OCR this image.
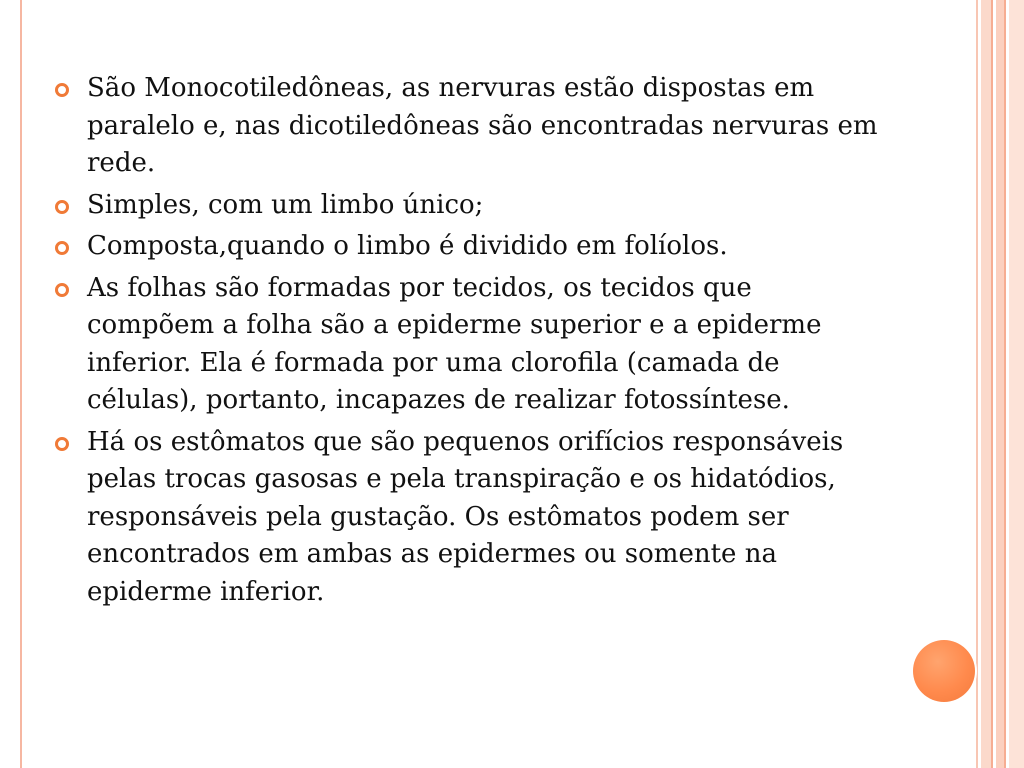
São Monocotiledôneas, as nervuras estão dispostas em paralelo e, nas dicotiledôneas são encontradas nervuras em rede.
Simples, com um limbo único;
Composta,quando o limbo é dividido em folíolos.
As folhas são formadas por tecidos, os tecidos que compõem a folha são a epiderme superior e a epiderme inferior. Ela é formada por uma clorofila (camada de células), portanto, incapazes de realizar fotossíntese.
Há os estômatos que são pequenos orifícios responsáveis pelas trocas gasosas e pela transpiração e os hidatódios, responsáveis pela gustação. Os estômatos podem ser encontrados em ambas as epidermes ou somente na epiderme inferior.
